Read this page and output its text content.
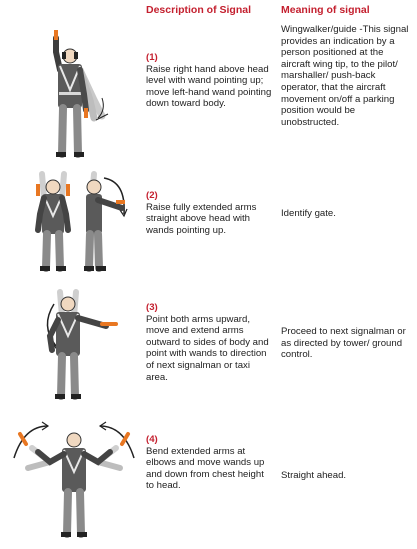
Description of Signal	Meaning of signal
(1)
Raise right hand above head level with wand pointing up; move left-hand wand pointing down toward body.
Wingwalker/guide -This signal provides an indication by a person positioned at the aircraft wing tip, to the pilot/ marshaller/ push-back operator, that the aircraft movement on/off a parking position would be unobstructed.
(2)
Raise fully extended arms straight above head with wands pointing up.
Identify gate.
(3)
Point both arms upward, move and extend arms outward to sides of body and point with wands to direction of next signalman or taxi area.
Proceed to next signalman or as directed by tower/ ground control.
(4)
Bend extended arms at elbows and move wands up and down from chest height to head.
Straight ahead.
